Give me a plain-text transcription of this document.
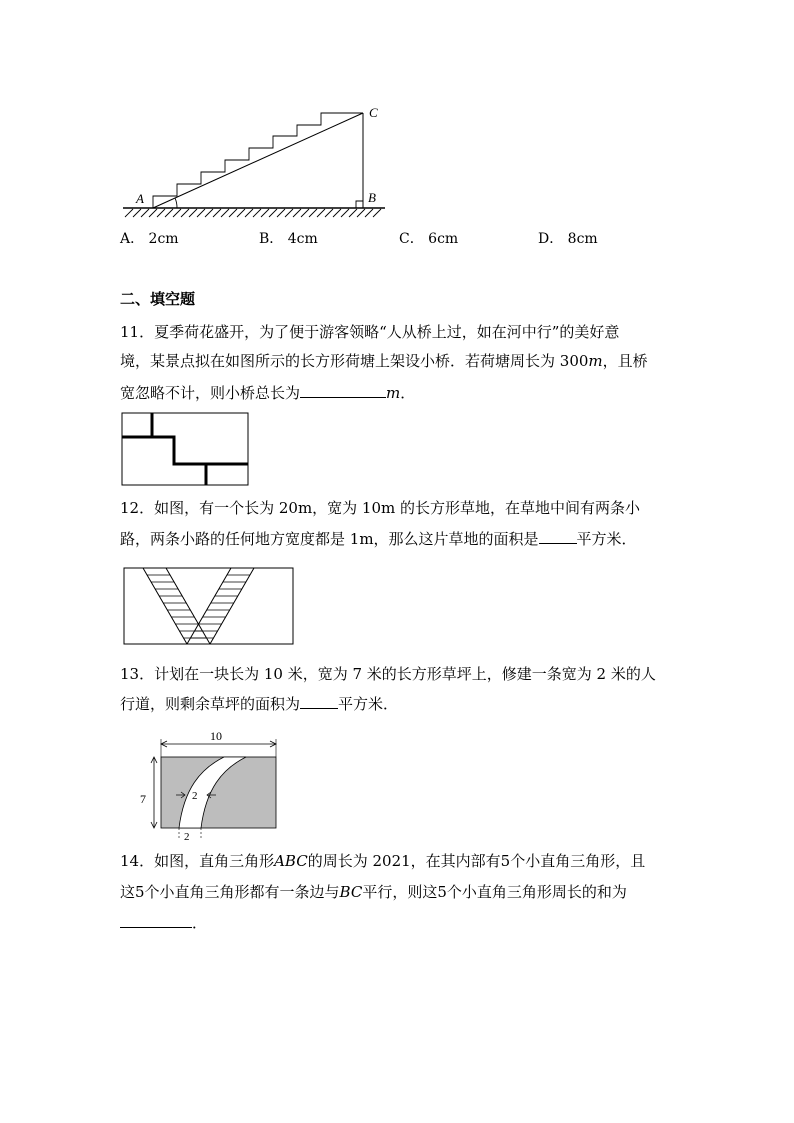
A	B
C
A． 2cm	B． 4cm	C． 6cm	D． 8cm
二、填空题
11．夏季荷花盛开，为了便于游客领略“人从桥上过，如在河中行”的美好意
境，某景点拟在如图所示的长方形荷塘上架设小桥．若荷塘周长为 300m，且桥
宽忽略不计，则小桥总长为	m．
12．如图，有一个长为 20m，宽为 10m 的长方形草地，在草地中间有两条小
路，两条小路的任何地方宽度都是 1m，那么这片草地的面积是	平方米．
13．计划在一块长为 10 米，宽为 7 米的长方形草坪上，修建一条宽为 2 米的人
行道，则剩余草坪的面积为	平方米．
10
7	2
2
14．如图，直角三角形ABC的周长为 2021，在其内部有5个小直角三角形，且
这5个小直角三角形都有一条边与BC平行，则这5个小直角三角形周长的和为
．
